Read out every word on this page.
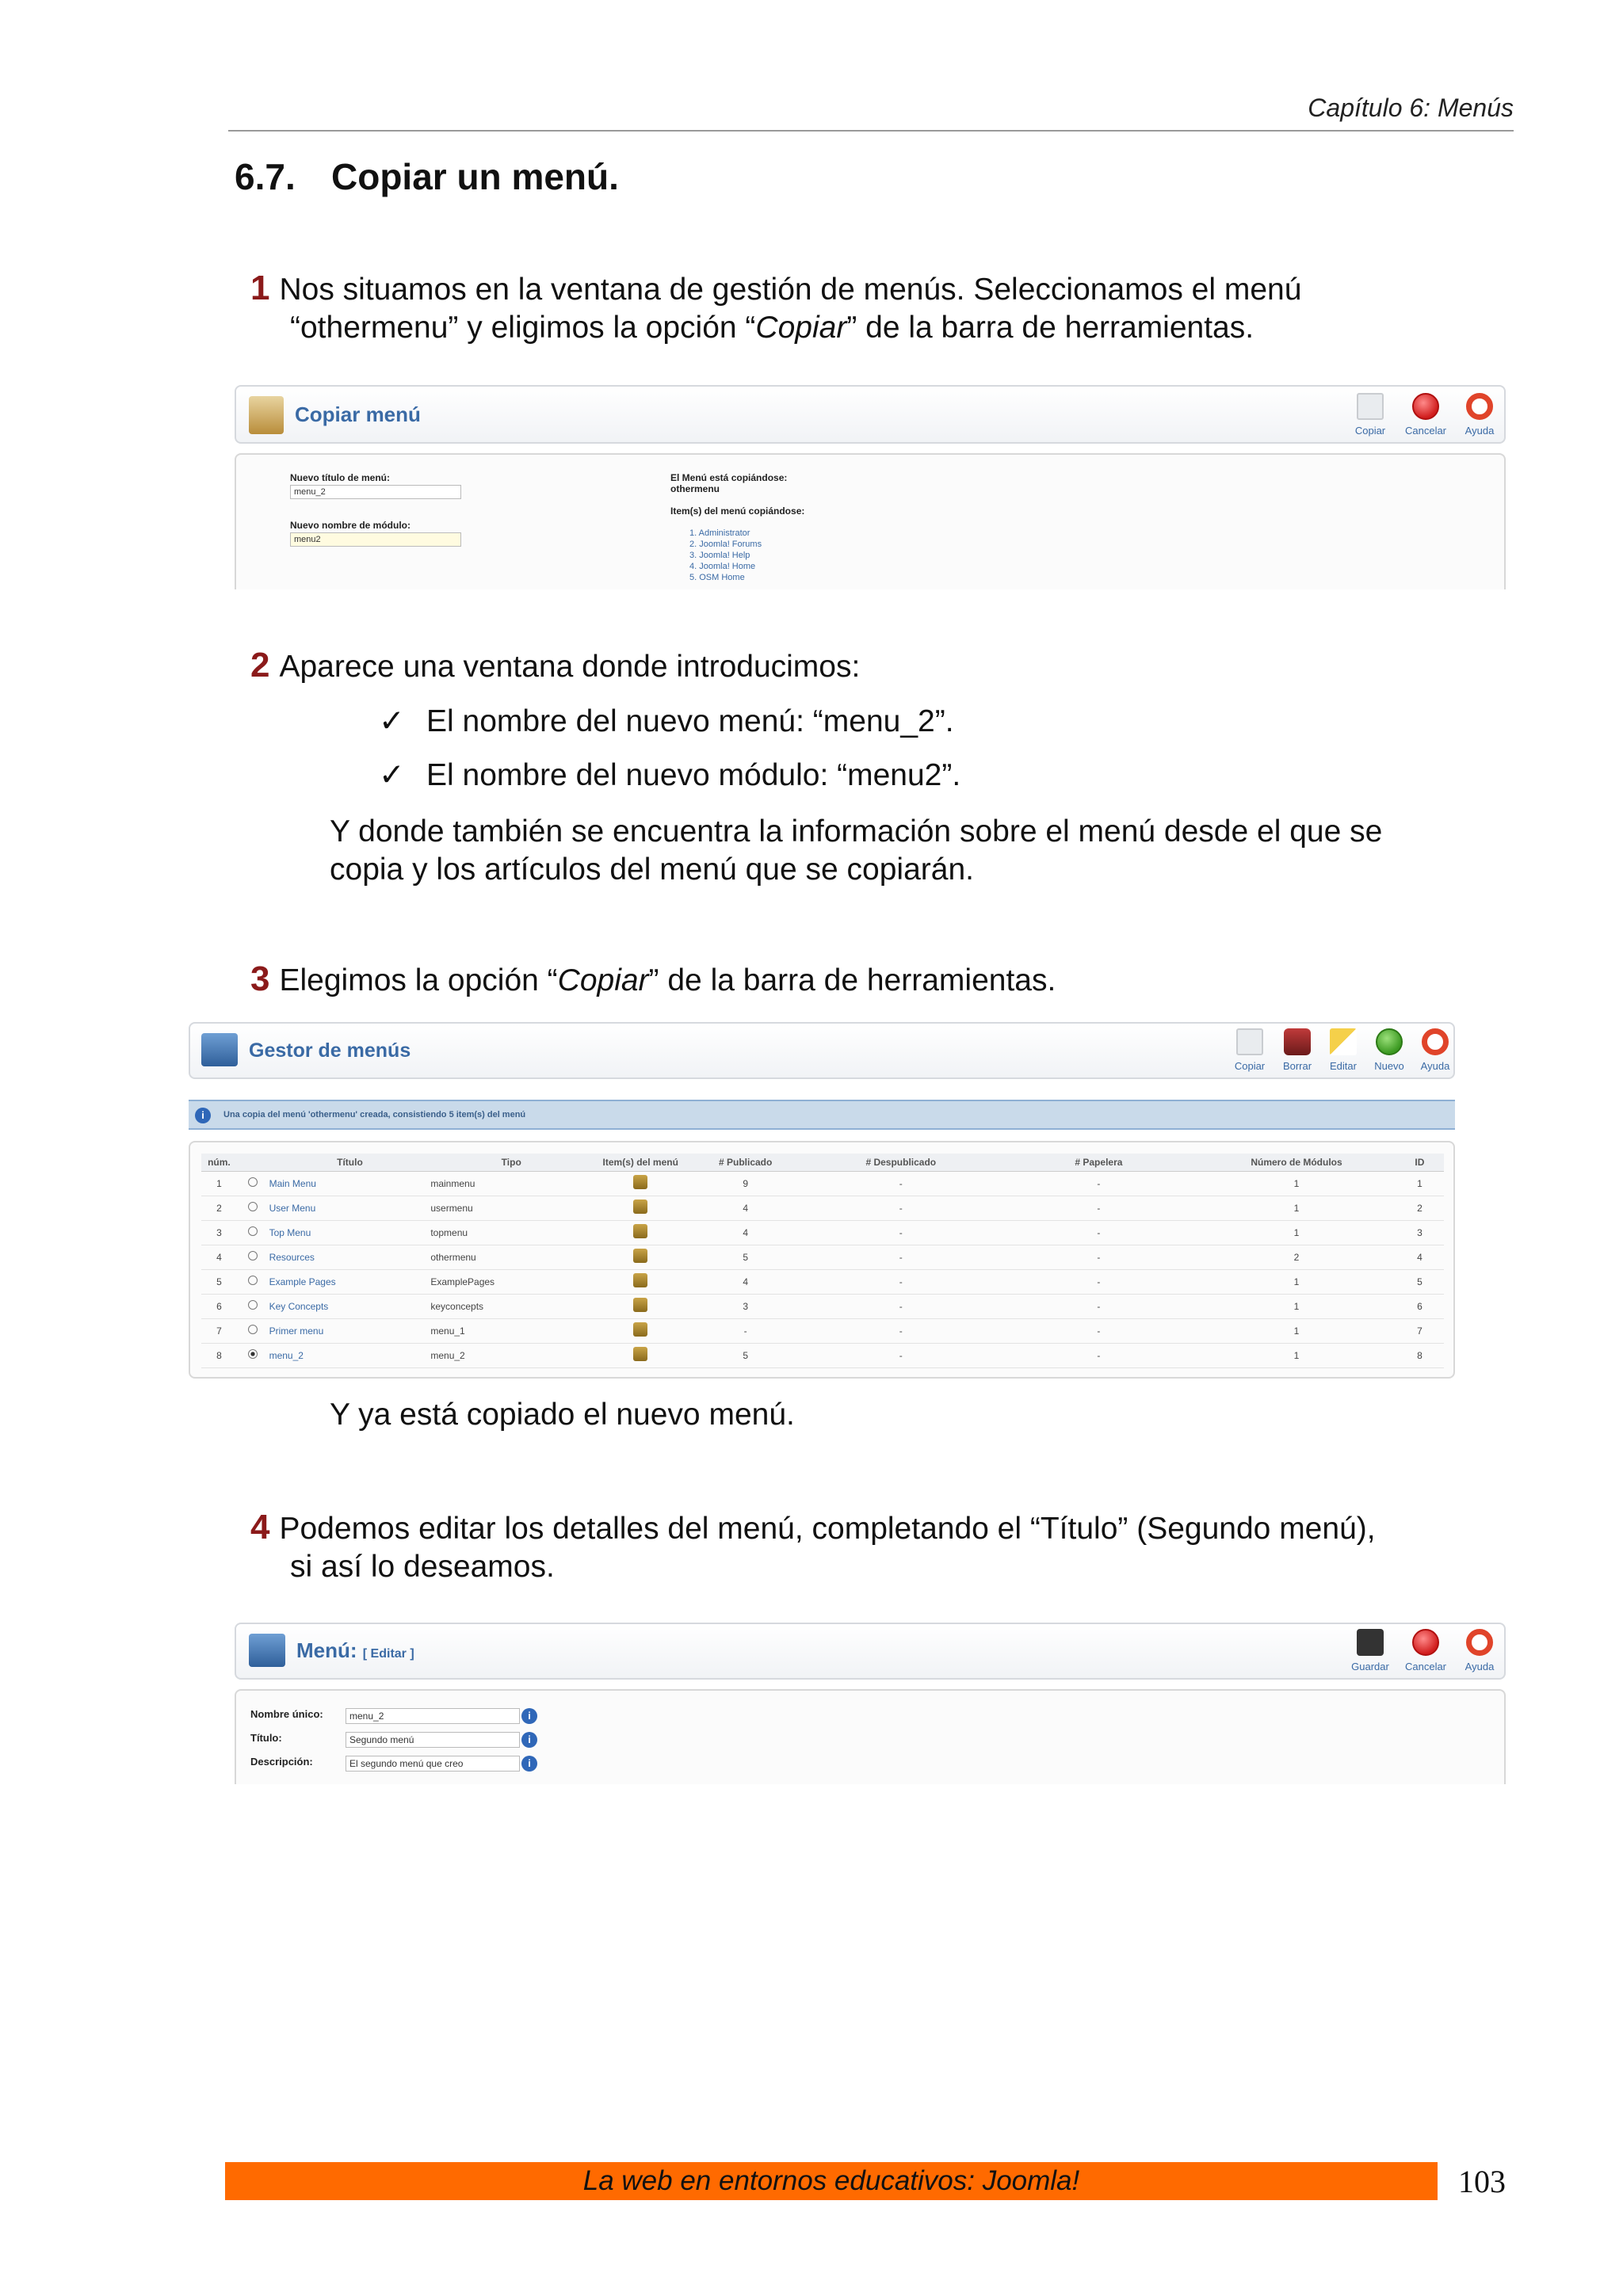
Capítulo 6: Menús
6.7. Copiar un menú.
1 Nos situamos en la ventana de gestión de menús. Seleccionamos el menú
“othermenu” y eligimos la opción “Copiar” de la barra de herramientas.
Copiar menú
Copiar	Cancelar	Ayuda
Nuevo título de menú:
menu_2
Nuevo nombre de módulo:
menu2
El Menú está copiándose:
othermenu

Item(s) del menú copiándose:
1. Administrator
2. Joomla! Forums
3. Joomla! Help
4. Joomla! Home
5. OSM Home
2 Aparece una ventana donde introducimos:
✓ El nombre del nuevo menú: “menu_2”.
✓ El nombre del nuevo módulo: “menu2”.
Y donde también se encuentra la información sobre el menú desde el que se
copia y los artículos del menú que se copiarán.
3 Elegimos la opción “Copiar” de la barra de herramientas.
Gestor de menús
Copiar	Borrar	Editar	Nuevo	Ayuda
i	Una copia del menú 'othermenu' creada, consistiendo 5 item(s) del menú
núm.		Título	Tipo	Item(s) del menú	# Publicado	# Despublicado	# Papelera	Número de Módulos	ID
1		Main Menu	mainmenu		9	-	-	1	1
2		User Menu	usermenu		4	-	-	1	2
3		Top Menu	topmenu		4	-	-	1	3
4		Resources	othermenu		5	-	-	2	4
5		Example Pages	ExamplePages		4	-	-	1	5
6		Key Concepts	keyconcepts		3	-	-	1	6
7		Primer menu	menu_1		-	-	-	1	7
8		menu_2	menu_2		5	-	-	1	8
Y ya está copiado el nuevo menú.
4 Podemos editar los detalles del menú, completando el “Título” (Segundo menú),
si así lo deseamos.
Menú: [ Editar ]
Guardar	Cancelar	Ayuda
Nombre único:	menu_2	i
Título:	Segundo menú	i
Descripción:	El segundo menú que creo	i
La web en entornos educativos: Joomla!	103
